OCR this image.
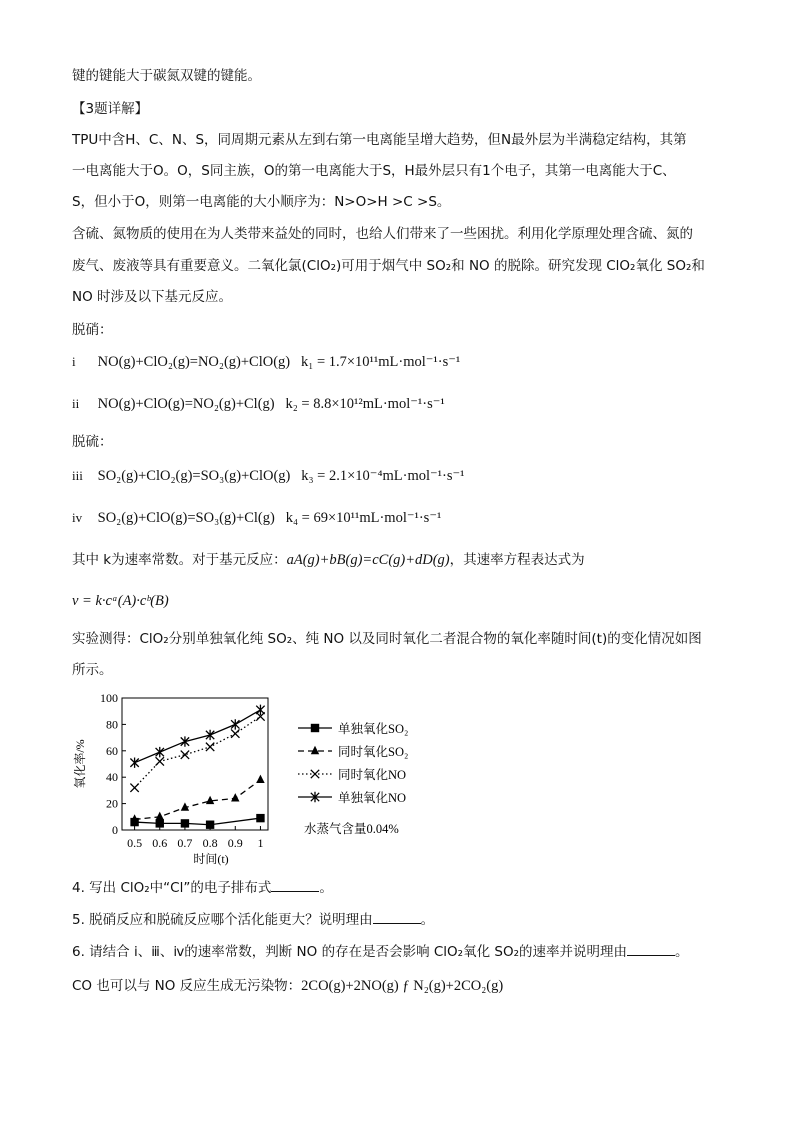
键的键能大于碳氮双键的键能。
【3题详解】
TPU中含H、C、N、S，同周期元素从左到右第一电离能呈增大趋势，但N最外层为半满稳定结构，其第
一电离能大于O。O，S同主族，O的第一电离能大于S，H最外层只有1个电子，其第一电离能大于C、
S，但小于O，则第一电离能的大小顺序为：N>O>H >C >S。
含硫、氮物质的使用在为人类带来益处的同时，也给人们带来了一些困扰。利用化学原理处理含硫、氮的
废气、废液等具有重要意义。二氧化氯(ClO₂)可用于烟气中 SO₂和 NO 的脱除。研究发现 ClO₂氧化 SO₂和
NO 时涉及以下基元反应。
脱硝：
i NO(g)+ClO₂(g)=NO₂(g)+ClO(g) k₁ = 1.7×10¹¹mL·mol⁻¹·s⁻¹
ii NO(g)+ClO(g)=NO₂(g)+Cl(g) k₂ = 8.8×10¹²mL·mol⁻¹·s⁻¹
脱硫：
iii SO₂(g)+ClO₂(g)=SO₃(g)+ClO(g) k₃ = 2.1×10⁻⁴mL·mol⁻¹·s⁻¹
iv SO₂(g)+ClO(g)=SO₃(g)+Cl(g) k₄ = 69×10¹¹mL·mol⁻¹·s⁻¹
其中 k为速率常数。对于基元反应：aA(g)+bB(g)=cC(g)+dD(g)，其速率方程表达式为
v = k·cᵃ(A)·cᵇ(B)
实验测得：ClO₂分别单独氧化纯 SO₂、纯 NO 以及同时氧化二者混合物的氧化率随时间(t)的变化情况如图
所示。
0
20
40
60
80
100
0.5 0.6 0.7 0.8 0.9 1
时间(t)
氧化率/%
单独氧化SO₂
同时氧化SO₂
同时氧化NO
单独氧化NO
水蒸气含量0.04%
4. 写出 ClO₂中“Cl”的电子排布式	。
5. 脱硝反应和脱硫反应哪个活化能更大？说明理由	。
6. 请结合 ⅰ、ⅲ、ⅳ的速率常数，判断 NO 的存在是否会影响 ClO₂氧化 SO₂的速率并说明理由	。
CO 也可以与 NO 反应生成无污染物：2CO(g)+2NO(g) ƒ N₂(g)+2CO₂(g)
